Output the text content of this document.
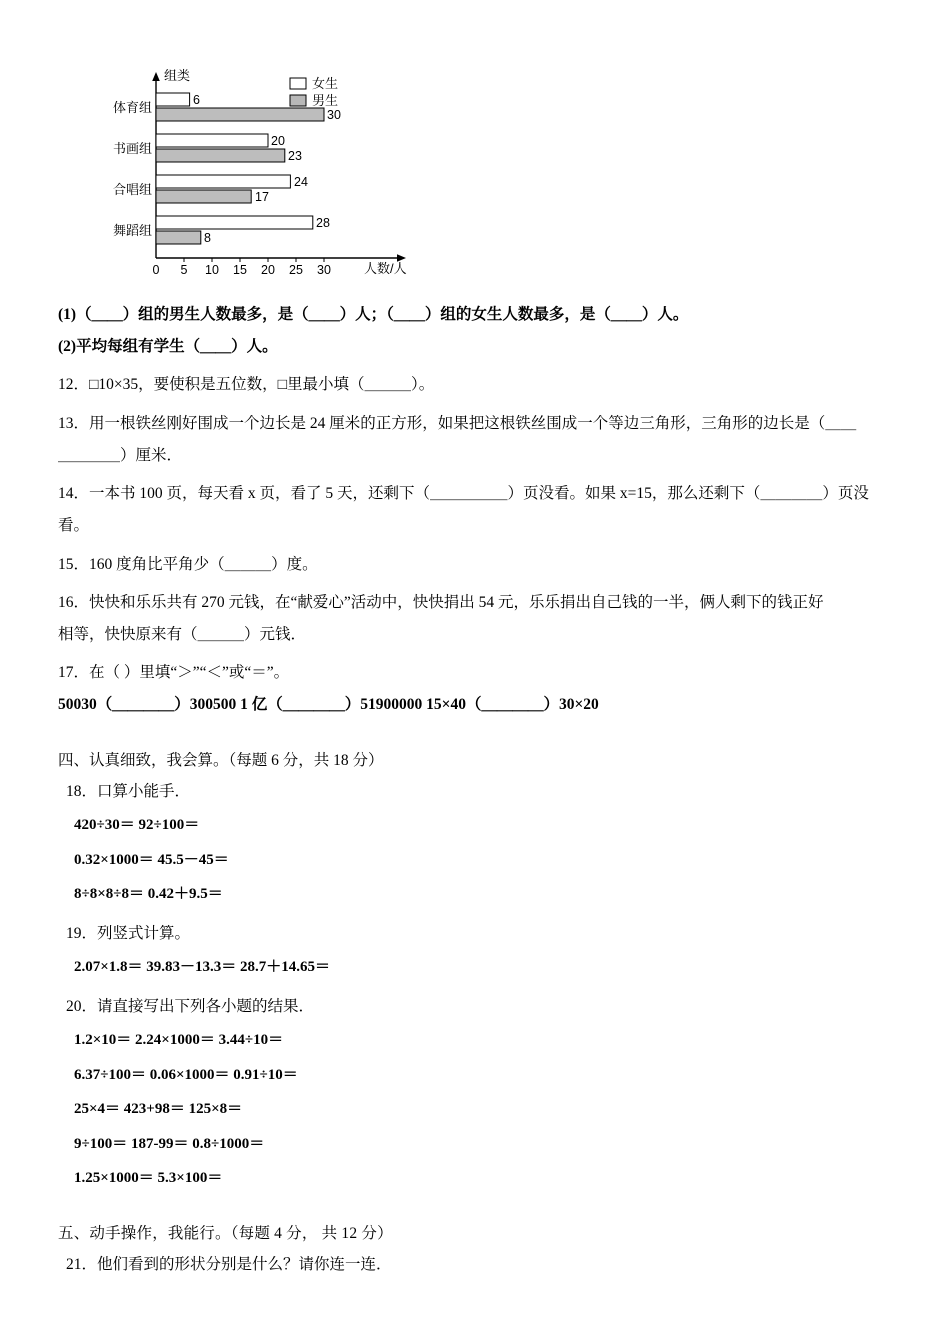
组类
人数/人
0 5 10 15 20 25 30
体育组
书画组
合唱组
舞蹈组
女生
男生
6
30
20
23
24
17
28
8

(1)（＿＿）组的男生人数最多，是（＿＿）人；（＿＿）组的女生人数最多，是（＿＿）人。

(2)平均每组有学生（＿＿）人。

12．□10×35，要使积是五位数，□里最小填（＿＿＿）。

13．用一根铁丝刚好围成一个边长是 24 厘米的正方形，如果把这根铁丝围成一个等边三角形，三角形的边长是（＿＿

＿＿＿＿）厘米．

14．一本书 100 页，每天看 x 页，看了 5 天，还剩下（＿＿＿＿＿）页没看。如果 x=15，那么还剩下（＿＿＿＿）页没

看。

15．160 度角比平角少（＿＿＿）度。

16．快快和乐乐共有 270 元钱，在“献爱心”活动中，快快捐出 54 元，乐乐捐出自己钱的一半，俩人剩下的钱正好

相等，快快原来有（＿＿＿）元钱．

17．在（ ）里填“＞”“＜”或“＝”。

50030（＿＿＿＿）300500 1 亿（＿＿＿＿）51900000 15×40（＿＿＿＿）30×20

四、认真细致，我会算。（每题 6 分，共 18 分）

18．口算小能手．

420÷30＝ 92÷100＝

0.32×1000＝ 45.5－45＝

8÷8×8÷8＝ 0.42＋9.5＝

19．列竖式计算。

2.07×1.8＝ 39.83－13.3＝ 28.7＋14.65＝

20．请直接写出下列各小题的结果．

1.2×10＝ 2.24×1000＝ 3.44÷10＝

6.37÷100＝ 0.06×1000＝ 0.91÷10＝

25×4＝ 423+98＝ 125×8＝

9÷100＝ 187-99＝ 0.8÷1000＝

1.25×1000＝ 5.3×100＝

五、动手操作，我能行。（每题 4 分， 共 12 分）

21．他们看到的形状分别是什么？请你连一连．
